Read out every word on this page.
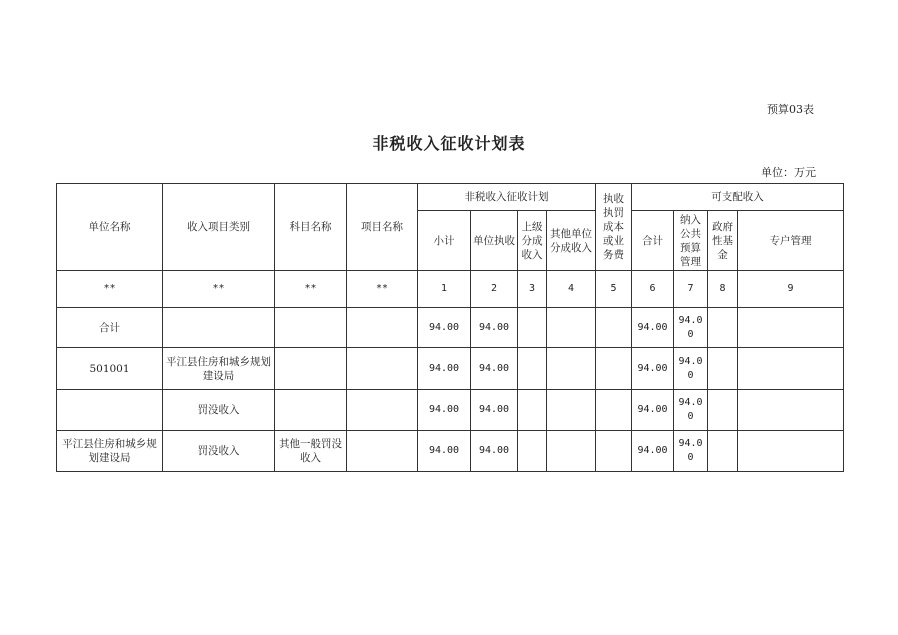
预算03表
非税收入征收计划表
单位：万元
单位名称	收入项目类别	科目名称	项目名称	非税收入征收计划				执收执罚成本或业务费	可支配收入			
				小计	单位执收	上级分成收入	其他单位分成收入		合计	纳入公共预算管理	政府性基金	专户管理

**	**	**	**	1	2	3	4	5	6	7	8	9
合计				94.00	94.00				94.00	94.00		
501001	平江县住房和城乡规划建设局			94.00	94.00				94.00	94.00		
	罚没收入			94.00	94.00				94.00	94.00		
平江县住房和城乡规划建设局	罚没收入	其他一般罚没收入		94.00	94.00				94.00	94.00		
